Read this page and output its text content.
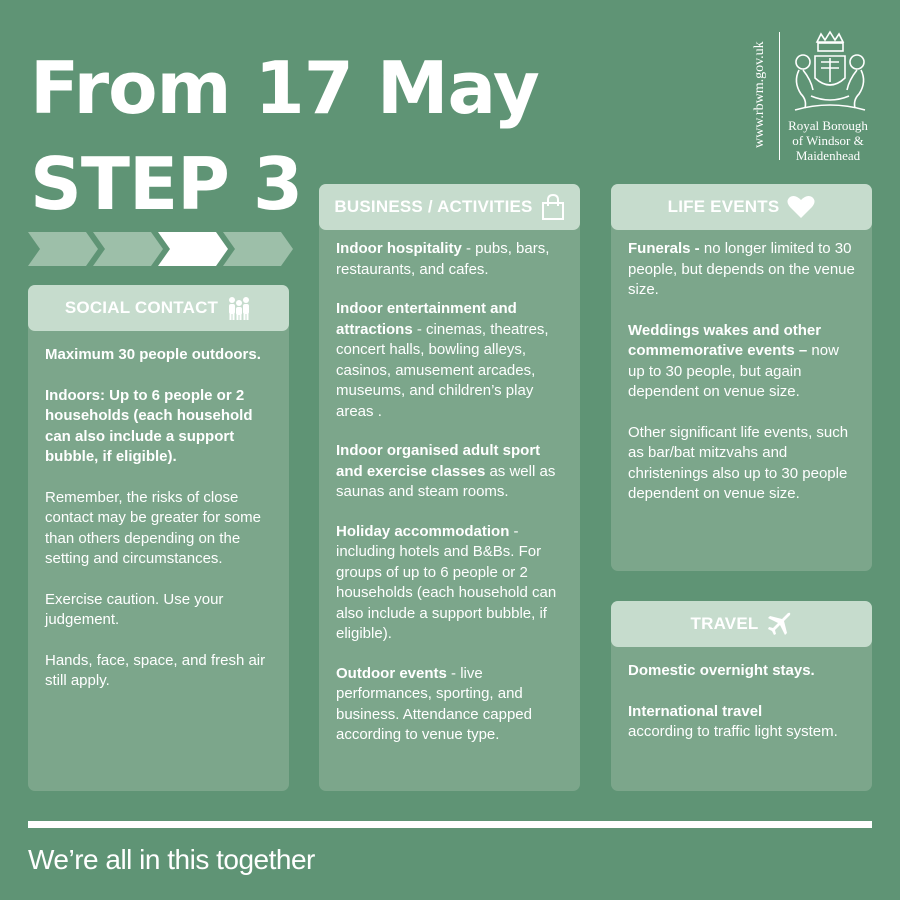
From 17 May
STEP 3
www.rbwm.gov.uk	Royal Borough
of Windsor &
Maidenhead
SOCIAL CONTACT

Maximum 30 people outdoors.

Indoors: Up to 6 people or 2 households (each household can also include a support bubble, if eligible).

Remember, the risks of close contact may be greater for some than others depending on the setting and circumstances.

Exercise caution. Use your judgement.

Hands, face, space, and fresh air still apply.

BUSINESS / ACTIVITIES

Indoor hospitality - pubs, bars, restaurants, and cafes.

Indoor entertainment and attractions - cinemas, theatres, concert halls, bowling alleys, casinos, amusement arcades, museums, and children’s play areas .

Indoor organised adult sport and exercise classes as well as saunas and steam rooms.

Holiday accommodation - including hotels and B&Bs. For groups of up to 6 people or 2 households (each household can also include a support bubble, if eligible).

Outdoor events - live performances, sporting, and business. Attendance capped according to venue type.

LIFE EVENTS

Funerals - no longer limited to 30 people, but depends on the venue size.

Weddings wakes and other commemorative events – now up to 30 people, but again dependent on venue size.

Other significant life events, such as bar/bat mitzvahs and christenings also up to 30 people dependent on venue size.

TRAVEL

Domestic overnight stays.

International travel
according to traffic light system.

We’re all in this together
